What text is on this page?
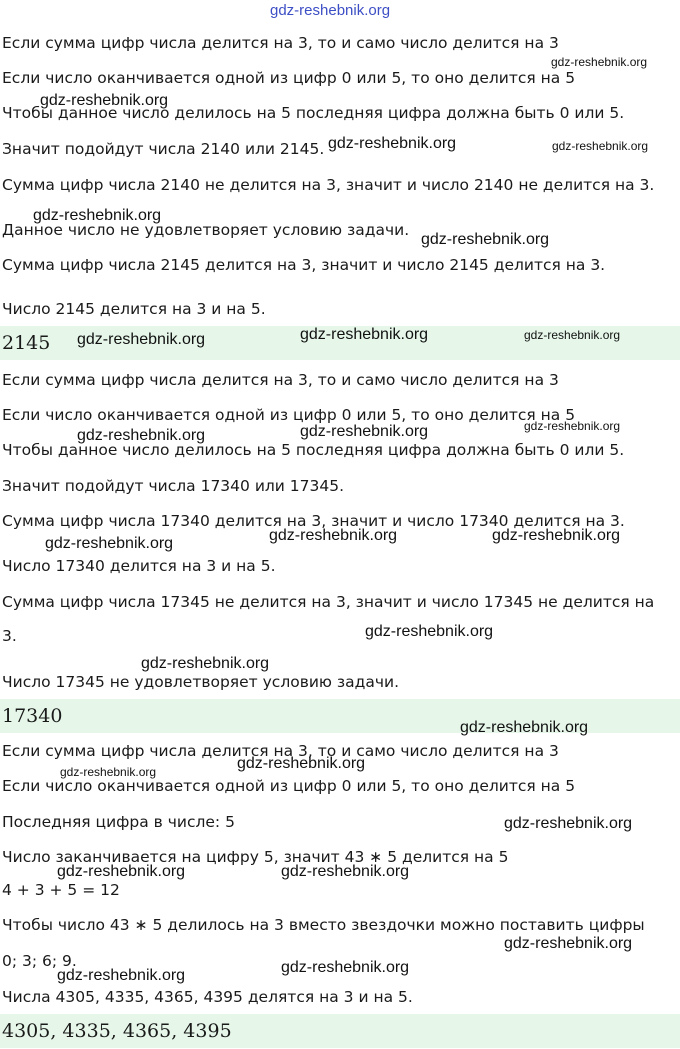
gdz-reshebnik.org
Если сумма цифр числа делится на 3, то и само число делится на 3
Если число оканчивается одной из цифр 0 или 5, то оно делится на 5
Чтобы данное число делилось на 5 последняя цифра должна быть 0 или 5.
Значит подойдут числа 2140 или 2145.
Сумма цифр числа 2140 не делится на 3, значит и число 2140 не делится на 3.
Данное число не удовлетворяет условию задачи.
Сумма цифр числа 2145 делится на 3, значит и число 2145 делится на 3.
Число 2145 делится на 3 и на 5.
2145
Если сумма цифр числа делится на 3, то и само число делится на 3
Если число оканчивается одной из цифр 0 или 5, то оно делится на 5
Чтобы данное число делилось на 5 последняя цифра должна быть 0 или 5.
Значит подойдут числа 17340 или 17345.
Сумма цифр числа 17340 делится на 3, значит и число 17340 делится на 3.
Число 17340 делится на 3 и на 5.
Сумма цифр числа 17345 не делится на 3, значит и число 17345 не делится на
3.
Число 17345 не удовлетворяет условию задачи.
17340
Если сумма цифр числа делится на 3, то и само число делится на 3
Если число оканчивается одной из цифр 0 или 5, то оно делится на 5
Последняя цифра в числе: 5
Число заканчивается на цифру 5, значит 43 ∗ 5 делится на 5
4 + 3 + 5 = 12
Чтобы число 43 ∗ 5 делилось на 3 вместо звездочки можно поставить цифры
0; 3; 6; 9.
Числа 4305, 4335, 4365, 4395 делятся на 3 и на 5.
4305, 4335, 4365, 4395
gdz-reshebnik.org
gdz-reshebnik.org
gdz-reshebnik.org	gdz-reshebnik.org
gdz-reshebnik.org
gdz-reshebnik.org
gdz-reshebnik.org	gdz-reshebnik.org	gdz-reshebnik.org
gdz-reshebnik.org	gdz-reshebnik.org	gdz-reshebnik.org
gdz-reshebnik.org	gdz-reshebnik.org	gdz-reshebnik.org
gdz-reshebnik.org
gdz-reshebnik.org
gdz-reshebnik.org
gdz-reshebnik.org
gdz-reshebnik.org
gdz-reshebnik.org
gdz-reshebnik.org	gdz-reshebnik.org
gdz-reshebnik.org
gdz-reshebnik.org
gdz-reshebnik.org
